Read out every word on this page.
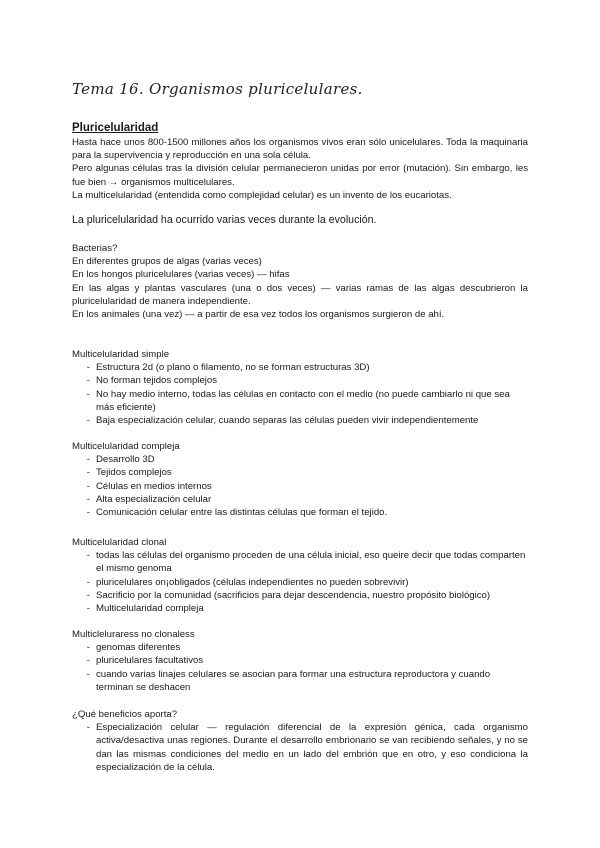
Tema 16. Organismos pluricelulares.
Pluricelularidad

Hasta hace unos 800-1500 millones años los organismos vivos eran sólo unicelulares. Toda la maquinaria para la supervivencia y reproducción en una sola célula.

Pero algunas células tras la división celular permanecieron unidas por error (mutación). Sin embargo, les fue bien → organismos multicelulares.

La multicelularidad (entendida como complejidad celular) es un invento de los eucariotas.

La pluricelularidad ha ocurrido varias veces durante la evolución.

Bacterias?

En diferentes grupos de algas (varias veces)

En los hongos pluricelulares (varias veces) — hifas

En las algas y plantas vasculares (una o dos veces) — varias ramas de las algas descubrieron la pluricelularidad de manera independiente.

En los animales (una vez) — a partir de esa vez todos los organismos surgieron de ahí.

Multicelularidad simple

- Estructura 2d (o plano o filamento, no se forman estructuras 3D)
- No forman tejidos complejos
- No hay medio interno, todas las células en contacto con el medio (no puede cambiarlo ni que sea más eficiente)
- Baja especialización celular, cuando separas las células pueden vivir independientemente

Multicelularidad compleja

- Desarrollo 3D
- Tejidos complejos
- Células en medios internos
- Alta especialización celular
- Comunicación celular entre las distintas células que forman el tejido.

Multicelularidad clonal

- todas las células del organismo proceden de una célula inicial, eso queire decir que todas comparten el mismo genoma
- pluricelulares on¡obligados (células independientes no pueden sobrevivir)
- Sacrificio por la comunidad (sacrificios para dejar descendencia, nuestro propósito biológico)
- Multicelularidad compleja

Multicleluraress no clonaless

- genomas diferentes
- pluricelulares facultativos
- cuando varias linajes celulares se asocian para formar una estructura reproductora y cuando terminan se deshacen

¿Qué beneficios aporta?

- Especialización celular — regulación diferencial de la expresión génica, cada organismo activa/desactiva unas regiones. Durante el desarrollo embrionario se van recibiendo señales, y no se dan las mismas condiciones del medio en un lado del embrión que en otro, y eso condiciona la especialización de la célula.
